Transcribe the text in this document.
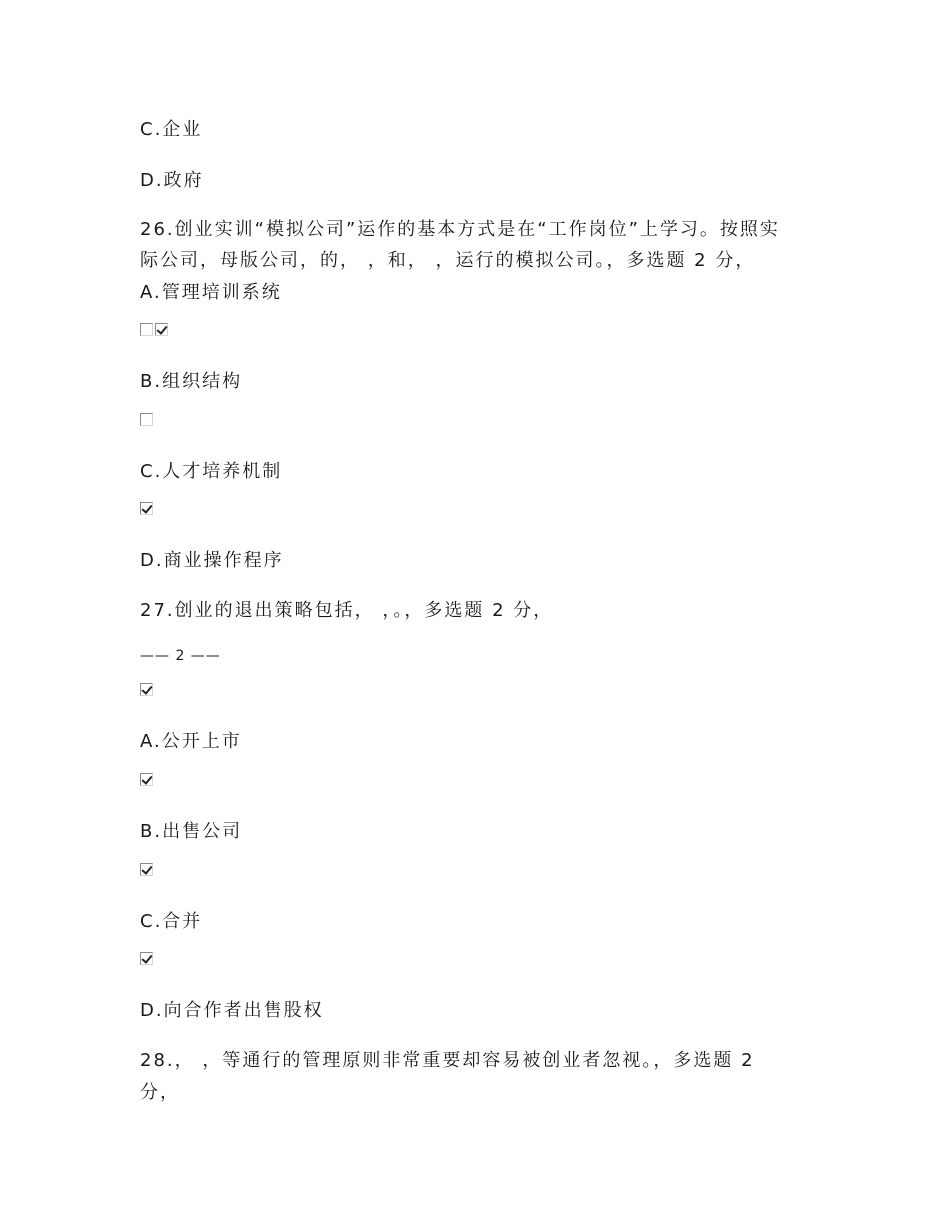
C.企业
D.政府
26.创业实训“模拟公司”运作的基本方式是在“工作岗位”上学习。按照实
际公司，母版公司，的， ，和， ，运行的模拟公司。，多选题 2 分，
A.管理培训系统
B.组织结构
C.人才培养机制
D.商业操作程序
27.创业的退出策略包括， ，。，多选题 2 分，
—— 2 ——
A.公开上市
B.出售公司
C.合并
D.向合作者出售股权
28.， ，等通行的管理原则非常重要却容易被创业者忽视。，多选题 2
分，
